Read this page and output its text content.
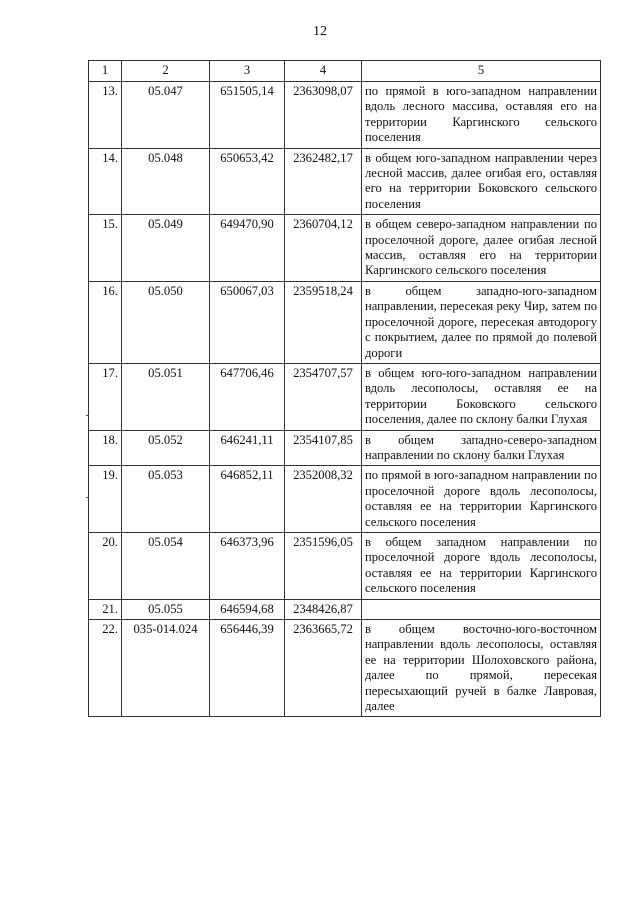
12
1	2	3	4	5
13.	05.047	651505,14	2363098,07	по прямой в юго-западном направлении вдоль лесного массива, оставляя его на территории Каргинского сельского поселения
14.	05.048	650653,42	2362482,17	в общем юго-западном направлении через лесной массив, далее огибая его, оставляя его на территории Боковского сельского поселения
15.	05.049	649470,90	2360704,12	в общем северо-западном направлении по проселочной дороге, далее огибая лесной массив, оставляя его на территории Каргинского сельского поселения
16.	05.050	650067,03	2359518,24	в общем западно-юго-западном направлении, пересекая реку Чир, затем по проселочной дороге, пересекая автодорогу с покрытием, далее по прямой до полевой дороги
17.	05.051	647706,46	2354707,57	в общем юго-юго-западном направлении вдоль лесополосы, оставляя ее на территории Боковского сельского поселения, далее по склону балки Глухая
18.	05.052	646241,11	2354107,85	в общем западно-северо-западном направлении по склону балки Глухая
19.	05.053	646852,11	2352008,32	по прямой в юго-западном направлении по проселочной дороге вдоль лесополосы, оставляя ее на территории Каргинского сельского поселения
20.	05.054	646373,96	2351596,05	в общем западном направлении по проселочной дороге вдоль лесополосы, оставляя ее на территории Каргинского сельского поселения
21.	05.055	646594,68	2348426,87	
22.	035-014.024	656446,39	2363665,72	в общем восточно-юго-восточном направлении вдоль лесополосы, оставляя ее на территории Шолоховского района, далее по прямой, пересекая пересыхающий ручей в балке Лавровая, далее
